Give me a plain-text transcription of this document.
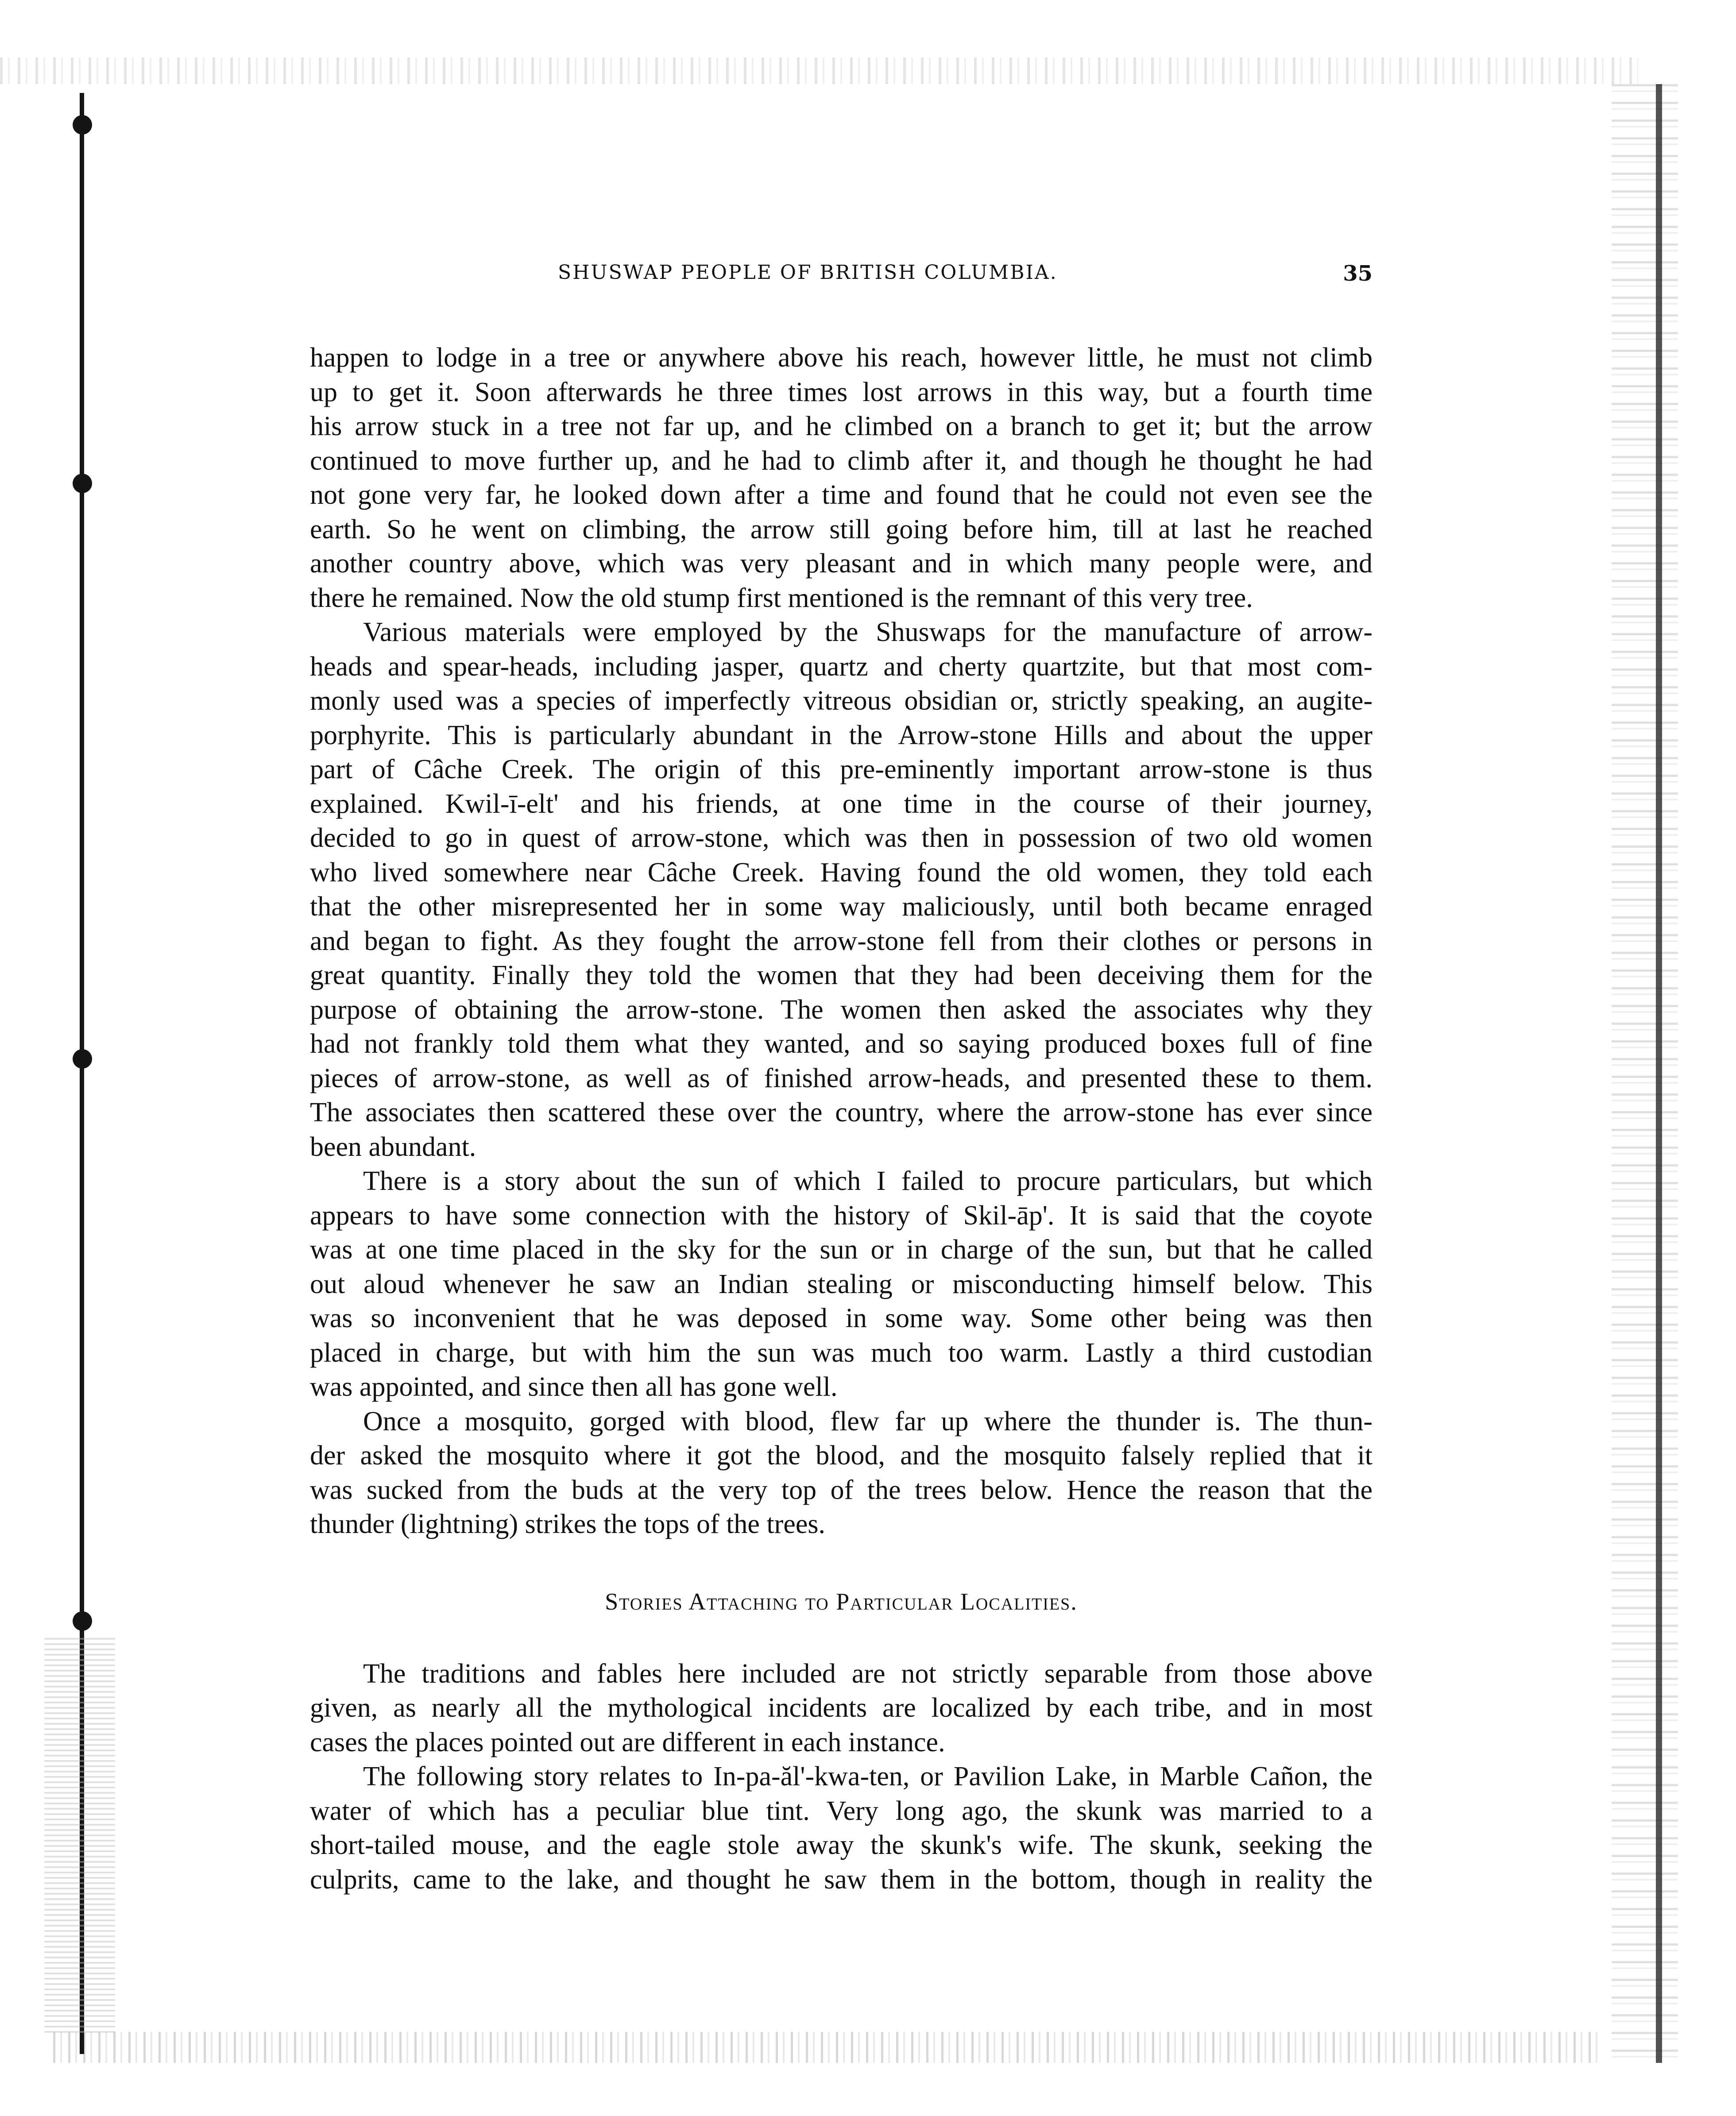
SHUSWAP PEOPLE OF BRITISH COLUMBIA.	35
happen to lodge in a tree or anywhere above his reach, however little, he must not climb
up to get it. Soon afterwards he three times lost arrows in this way, but a fourth time
his arrow stuck in a tree not far up, and he climbed on a branch to get it; but the arrow
continued to move further up, and he had to climb after it, and though he thought he had
not gone very far, he looked down after a time and found that he could not even see the
earth. So he went on climbing, the arrow still going before him, till at last he reached
another country above, which was very pleasant and in which many people were, and
there he remained. Now the old stump first mentioned is the remnant of this very tree.
Various materials were employed by the Shuswaps for the manufacture of arrow-
heads and spear-heads, including jasper, quartz and cherty quartzite, but that most com-
monly used was a species of imperfectly vitreous obsidian or, strictly speaking, an augite-
porphyrite. This is particularly abundant in the Arrow-stone Hills and about the upper
part of Câche Creek. The origin of this pre-eminently important arrow-stone is thus
explained. Kwil-ī-elt' and his friends, at one time in the course of their journey,
decided to go in quest of arrow-stone, which was then in possession of two old women
who lived somewhere near Câche Creek. Having found the old women, they told each
that the other misrepresented her in some way maliciously, until both became enraged
and began to fight. As they fought the arrow-stone fell from their clothes or persons in
great quantity. Finally they told the women that they had been deceiving them for the
purpose of obtaining the arrow-stone. The women then asked the associates why they
had not frankly told them what they wanted, and so saying produced boxes full of fine
pieces of arrow-stone, as well as of finished arrow-heads, and presented these to them.
The associates then scattered these over the country, where the arrow-stone has ever since
been abundant.
There is a story about the sun of which I failed to procure particulars, but which
appears to have some connection with the history of Skil-āp'. It is said that the coyote
was at one time placed in the sky for the sun or in charge of the sun, but that he called
out aloud whenever he saw an Indian stealing or misconducting himself below. This
was so inconvenient that he was deposed in some way. Some other being was then
placed in charge, but with him the sun was much too warm. Lastly a third custodian
was appointed, and since then all has gone well.
Once a mosquito, gorged with blood, flew far up where the thunder is. The thun-
der asked the mosquito where it got the blood, and the mosquito falsely replied that it
was sucked from the buds at the very top of the trees below. Hence the reason that the
thunder (lightning) strikes the tops of the trees.
Stories Attaching to Particular Localities.
The traditions and fables here included are not strictly separable from those above
given, as nearly all the mythological incidents are localized by each tribe, and in most
cases the places pointed out are different in each instance.
The following story relates to In-pa-ăl'-kwa-ten, or Pavilion Lake, in Marble Cañon, the
water of which has a peculiar blue tint. Very long ago, the skunk was married to a
short-tailed mouse, and the eagle stole away the skunk's wife. The skunk, seeking the
culprits, came to the lake, and thought he saw them in the bottom, though in reality the
